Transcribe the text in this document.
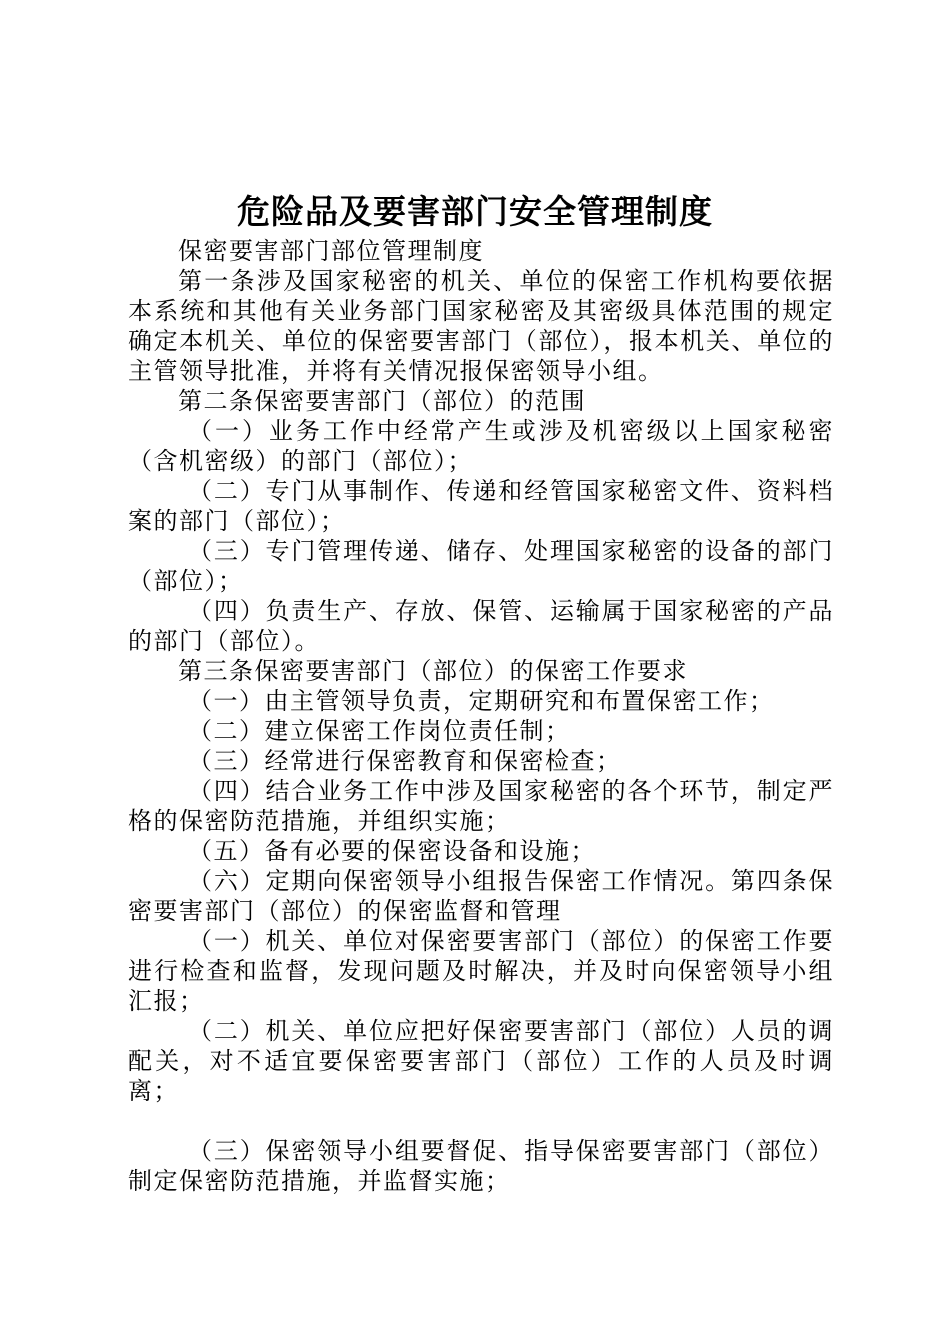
危险品及要害部门安全管理制度

保密要害部门部位管理制度

第一条涉及国家秘密的机关、单位的保密工作机构要依据本系统和其他有关业务部门国家秘密及其密级具体范围的规定确定本机关、单位的保密要害部门（部位），报本机关、单位的主管领导批准，并将有关情况报保密领导小组。

第二条保密要害部门（部位）的范围

（一）业务工作中经常产生或涉及机密级以上国家秘密（含机密级）的部门（部位）；

（二）专门从事制作、传递和经管国家秘密文件、资料档案的部门（部位）；

（三）专门管理传递、储存、处理国家秘密的设备的部门（部位）；

（四）负责生产、存放、保管、运输属于国家秘密的产品的部门（部位）。

第三条保密要害部门（部位）的保密工作要求

（一）由主管领导负责，定期研究和布置保密工作；

（二）建立保密工作岗位责任制；

（三）经常进行保密教育和保密检查；

（四）结合业务工作中涉及国家秘密的各个环节，制定严格的保密防范措施，并组织实施；

（五）备有必要的保密设备和设施；

（六）定期向保密领导小组报告保密工作情况。第四条保密要害部门（部位）的保密监督和管理

（一）机关、单位对保密要害部门（部位）的保密工作要进行检查和监督，发现问题及时解决，并及时向保密领导小组汇报；

（二）机关、单位应把好保密要害部门（部位）人员的调配关，对不适宜要保密要害部门（部位）工作的人员及时调离；

（三）保密领导小组要督促、指导保密要害部门（部位）制定保密防范措施，并监督实施；
